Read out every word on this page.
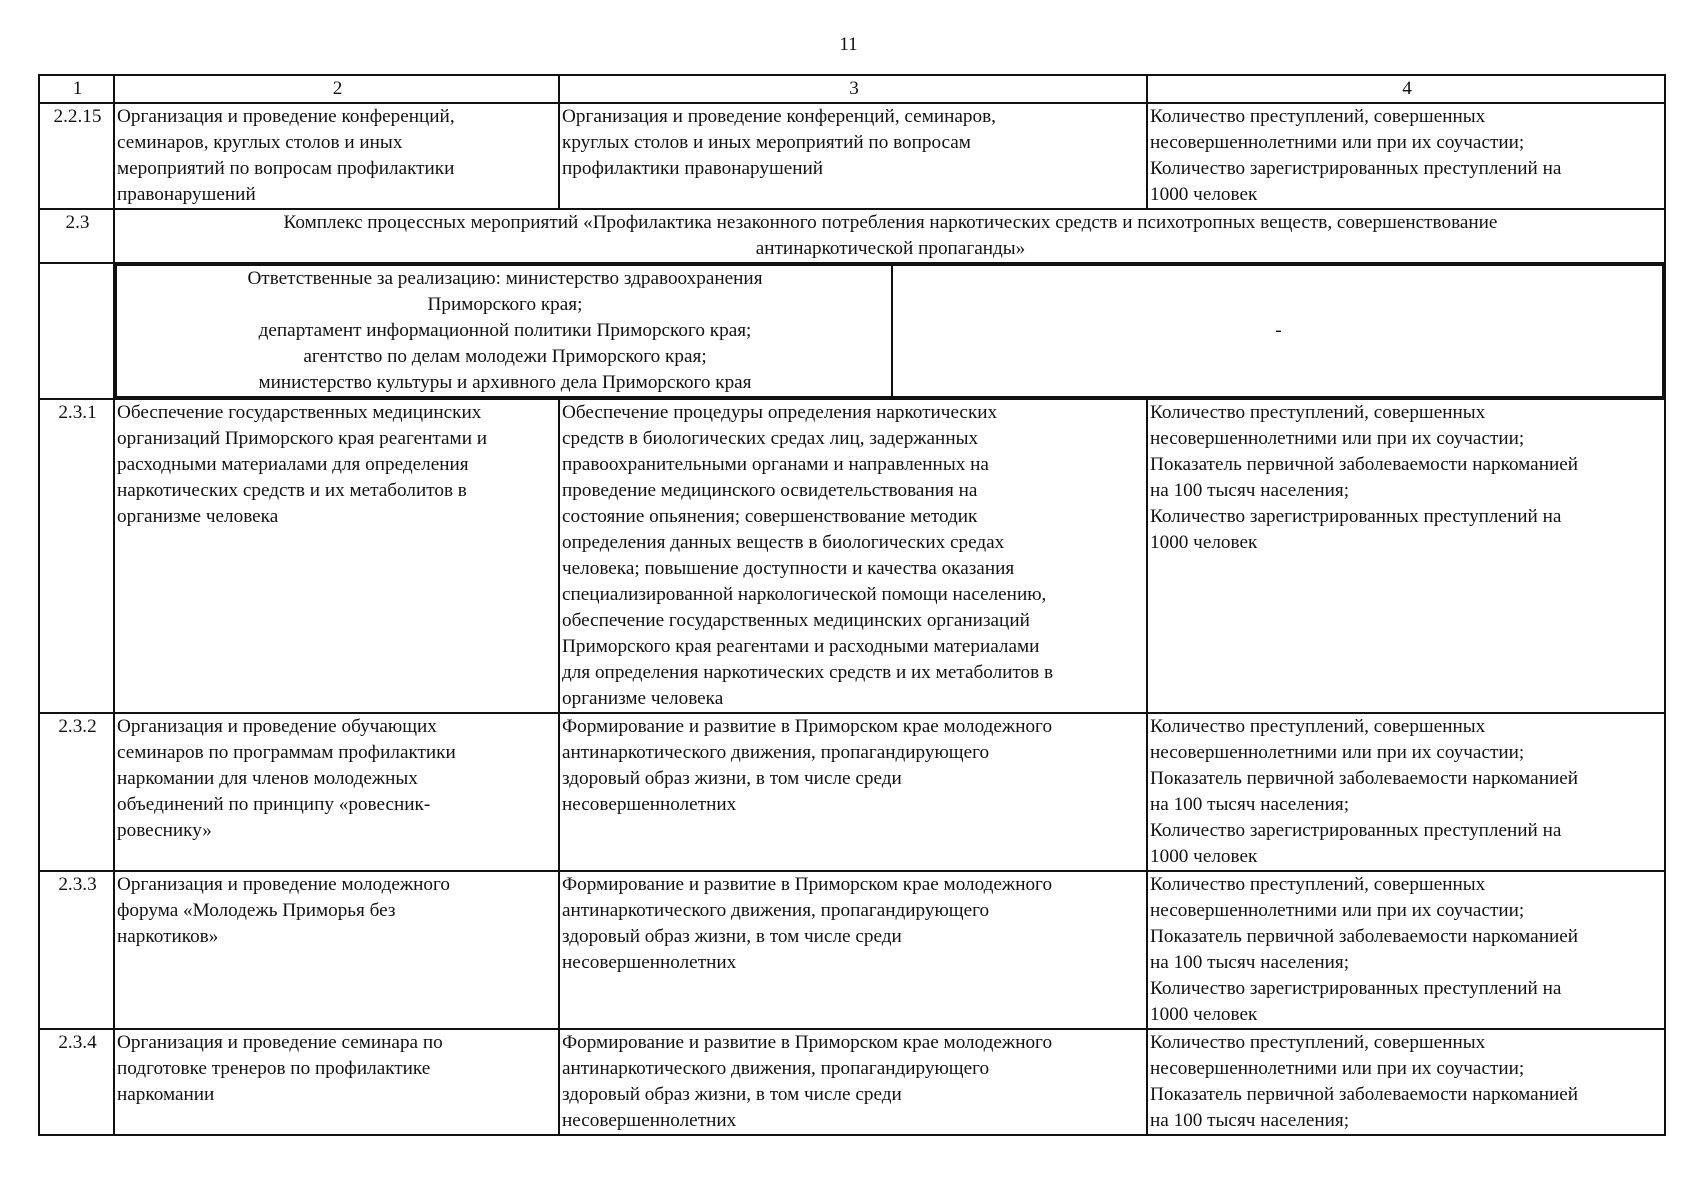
11
1	2	3	4
2.2.15	Организация и проведение конференций,
семинаров, круглых столов и иных
мероприятий по вопросам профилактики
правонарушений	Организация и проведение конференций, семинаров,
круглых столов и иных мероприятий по вопросам
профилактики правонарушений	Количество преступлений, совершенных
несовершеннолетними или при их соучастии;
Количество зарегистрированных преступлений на
1000 человек
2.3	Комплекс процессных мероприятий «Профилактика незаконного потребления наркотических средств и психотропных веществ, совершенствование
антинаркотической пропаганды»

Ответственные за реализацию: министерство здравоохранения
Приморского края;
департамент информационной политики Приморского края;
агентство по делам молодежи Приморского края;
министерство культуры и архивного дела Приморского края	-

2.3.1	Обеспечение государственных медицинских
организаций Приморского края реагентами и
расходными материалами для определения
наркотических средств и их метаболитов в
организме человека	Обеспечение процедуры определения наркотических
средств в биологических средах лиц, задержанных
правоохранительными органами и направленных на
проведение медицинского освидетельствования на
состояние опьянения; совершенствование методик
определения данных веществ в биологических средах
человека; повышение доступности и качества оказания
специализированной наркологической помощи населению,
обеспечение государственных медицинских организаций
Приморского края реагентами и расходными материалами
для определения наркотических средств и их метаболитов в
организме человека	Количество преступлений, совершенных
несовершеннолетними или при их соучастии;
Показатель первичной заболеваемости наркоманией
на 100 тысяч населения;
Количество зарегистрированных преступлений на
1000 человек
2.3.2	Организация и проведение обучающих
семинаров по программам профилактики
наркомании для членов молодежных
объединений по принципу «ровесник-
ровеснику»	Формирование и развитие в Приморском крае молодежного
антинаркотического движения, пропагандирующего
здоровый образ жизни, в том числе среди
несовершеннолетних	Количество преступлений, совершенных
несовершеннолетними или при их соучастии;
Показатель первичной заболеваемости наркоманией
на 100 тысяч населения;
Количество зарегистрированных преступлений на
1000 человек
2.3.3	Организация и проведение молодежного
форума «Молодежь Приморья без
наркотиков»	Формирование и развитие в Приморском крае молодежного
антинаркотического движения, пропагандирующего
здоровый образ жизни, в том числе среди
несовершеннолетних	Количество преступлений, совершенных
несовершеннолетними или при их соучастии;
Показатель первичной заболеваемости наркоманией
на 100 тысяч населения;
Количество зарегистрированных преступлений на
1000 человек
2.3.4	Организация и проведение семинара по
подготовке тренеров по профилактике
наркомании	Формирование и развитие в Приморском крае молодежного
антинаркотического движения, пропагандирующего
здоровый образ жизни, в том числе среди
несовершеннолетних	Количество преступлений, совершенных
несовершеннолетними или при их соучастии;
Показатель первичной заболеваемости наркоманией
на 100 тысяч населения;
